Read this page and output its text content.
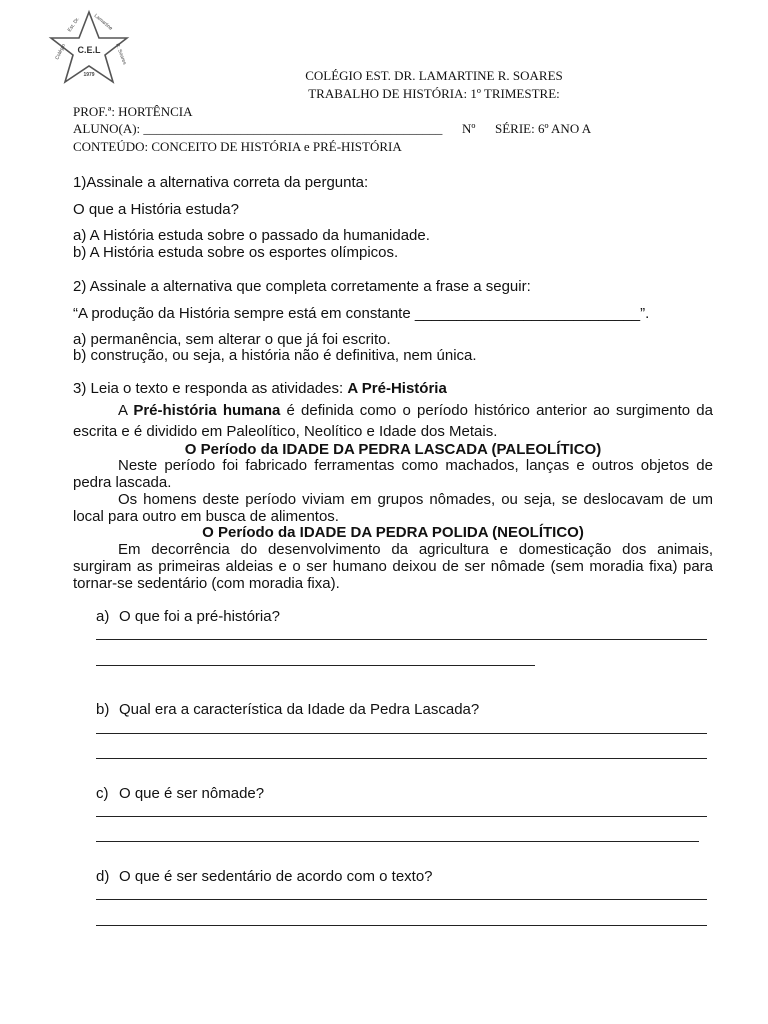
C.E.L
Colégio
Est. Dr. Lamartine
R. Soares
1979	COLÉGIO EST. DR. LAMARTINE R. SOARES
TRABALHO DE HISTÓRIA: 1º TRIMESTRE:
PROF.ª: HORTÊNCIA
ALUNO(A): ______________________________________________ Nº SÉRIE: 6º ANO A
CONTEÚDO: CONCEITO DE HISTÓRIA e PRÉ-HISTÓRIA
1)Assinale a alternativa correta da pergunta:
O que a História estuda?
a) A História estuda sobre o passado da humanidade.
b) A História estuda sobre os esportes olímpicos.
2) Assinale a alternativa que completa corretamente a frase a seguir:
“A produção da História sempre está em constante ___________________________”.
a) permanência, sem alterar o que já foi escrito.
b) construção, ou seja, a história não é definitiva, nem única.
3) Leia o texto e responda as atividades: A Pré-História

A Pré-história humana é definida como o período histórico anterior ao surgimento da escrita e é dividido em Paleolítico, Neolítico e Idade dos Metais.

O Período da IDADE DA PEDRA LASCADA (PALEOLÍTICO)

Neste período foi fabricado ferramentas como machados, lanças e outros objetos de pedra lascada.

Os homens deste período viviam em grupos nômades, ou seja, se deslocavam de um local para outro em busca de alimentos.

O Período da IDADE DA PEDRA POLIDA (NEOLÍTICO)

Em decorrência do desenvolvimento da agricultura e domesticação dos animais, surgiram as primeiras aldeias e o ser humano deixou de ser nômade (sem moradia fixa) para tornar-se sedentário (com moradia fixa).

a) O que foi a pré-história?
b) Qual era a característica da Idade da Pedra Lascada?
c) O que é ser nômade?
d) O que é ser sedentário de acordo com o texto?
